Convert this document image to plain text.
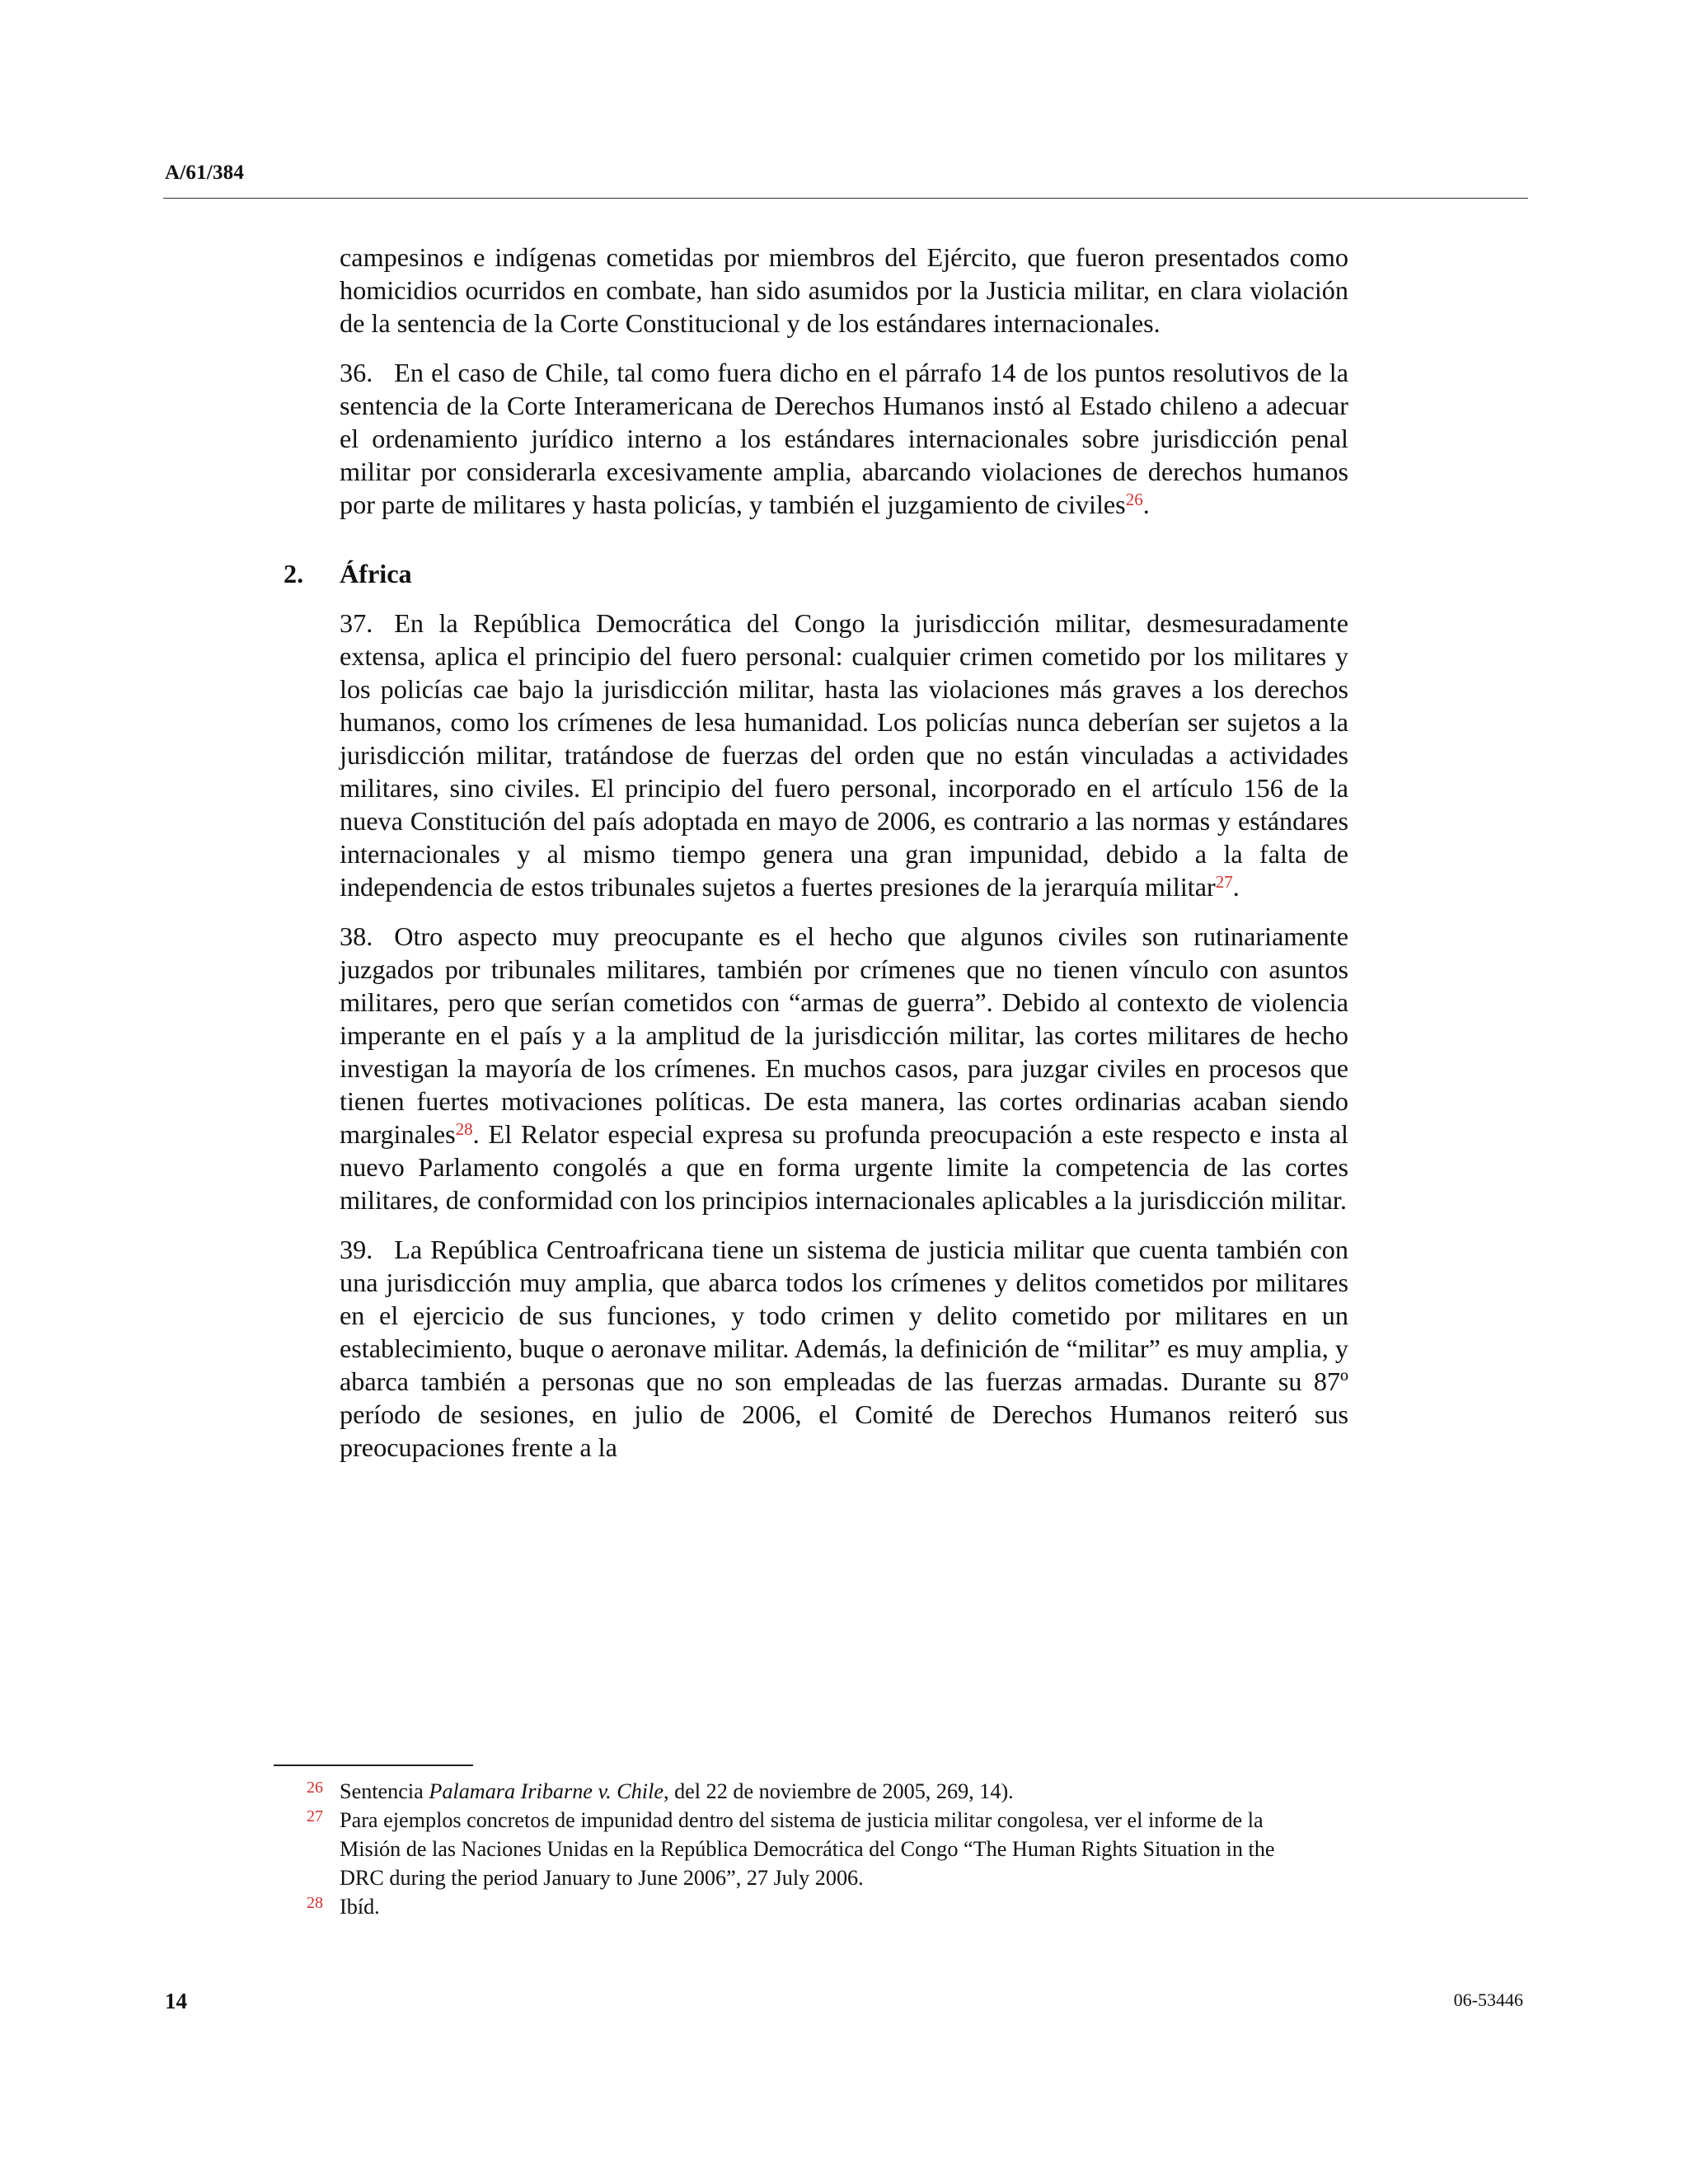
A/61/384

campesinos e indígenas cometidas por miembros del Ejército, que fueron presentados como homicidios ocurridos en combate, han sido asumidos por la Justicia militar, en clara violación de la sentencia de la Corte Constitucional y de los estándares internacionales.

36. En el caso de Chile, tal como fuera dicho en el párrafo 14 de los puntos resolutivos de la sentencia de la Corte Interamericana de Derechos Humanos instó al Estado chileno a adecuar el ordenamiento jurídico interno a los estándares internacionales sobre jurisdicción penal militar por considerarla excesivamente amplia, abarcando violaciones de derechos humanos por parte de militares y hasta policías, y también el juzgamiento de civiles$^{26}$.

2. África

37. En la República Democrática del Congo la jurisdicción militar, desmesuradamente extensa, aplica el principio del fuero personal: cualquier crimen cometido por los militares y los policías cae bajo la jurisdicción militar, hasta las violaciones más graves a los derechos humanos, como los crímenes de lesa humanidad. Los policías nunca deberían ser sujetos a la jurisdicción militar, tratándose de fuerzas del orden que no están vinculadas a actividades militares, sino civiles. El principio del fuero personal, incorporado en el artículo 156 de la nueva Constitución del país adoptada en mayo de 2006, es contrario a las normas y estándares internacionales y al mismo tiempo genera una gran impunidad, debido a la falta de independencia de estos tribunales sujetos a fuertes presiones de la jerarquía militar$^{27}$.

38. Otro aspecto muy preocupante es el hecho que algunos civiles son rutinariamente juzgados por tribunales militares, también por crímenes que no tienen vínculo con asuntos militares, pero que serían cometidos con “armas de guerra”. Debido al contexto de violencia imperante en el país y a la amplitud de la jurisdicción militar, las cortes militares de hecho investigan la mayoría de los crímenes. En muchos casos, para juzgar civiles en procesos que tienen fuertes motivaciones políticas. De esta manera, las cortes ordinarias acaban siendo marginales$^{28}$. El Relator especial expresa su profunda preocupación a este respecto e insta al nuevo Parlamento congolés a que en forma urgente limite la competencia de las cortes militares, de conformidad con los principios internacionales aplicables a la jurisdicción militar.

39. La República Centroafricana tiene un sistema de justicia militar que cuenta también con una jurisdicción muy amplia, que abarca todos los crímenes y delitos cometidos por militares en el ejercicio de sus funciones, y todo crimen y delito cometido por militares en un establecimiento, buque o aeronave militar. Además, la definición de “militar” es muy amplia, y abarca también a personas que no son empleadas de las fuerzas armadas. Durante su 87º período de sesiones, en julio de 2006, el Comité de Derechos Humanos reiteró sus preocupaciones frente a la

26 Sentencia Palamara Iribarne v. Chile, del 22 de noviembre de 2005, 269, 14).

27 Para ejemplos concretos de impunidad dentro del sistema de justicia militar congolesa, ver el informe de la Misión de las Naciones Unidas en la República Democrática del Congo “The Human Rights Situation in the DRC during the period January to June 2006”, 27 July 2006.

28 Ibíd.

14	06-53446
